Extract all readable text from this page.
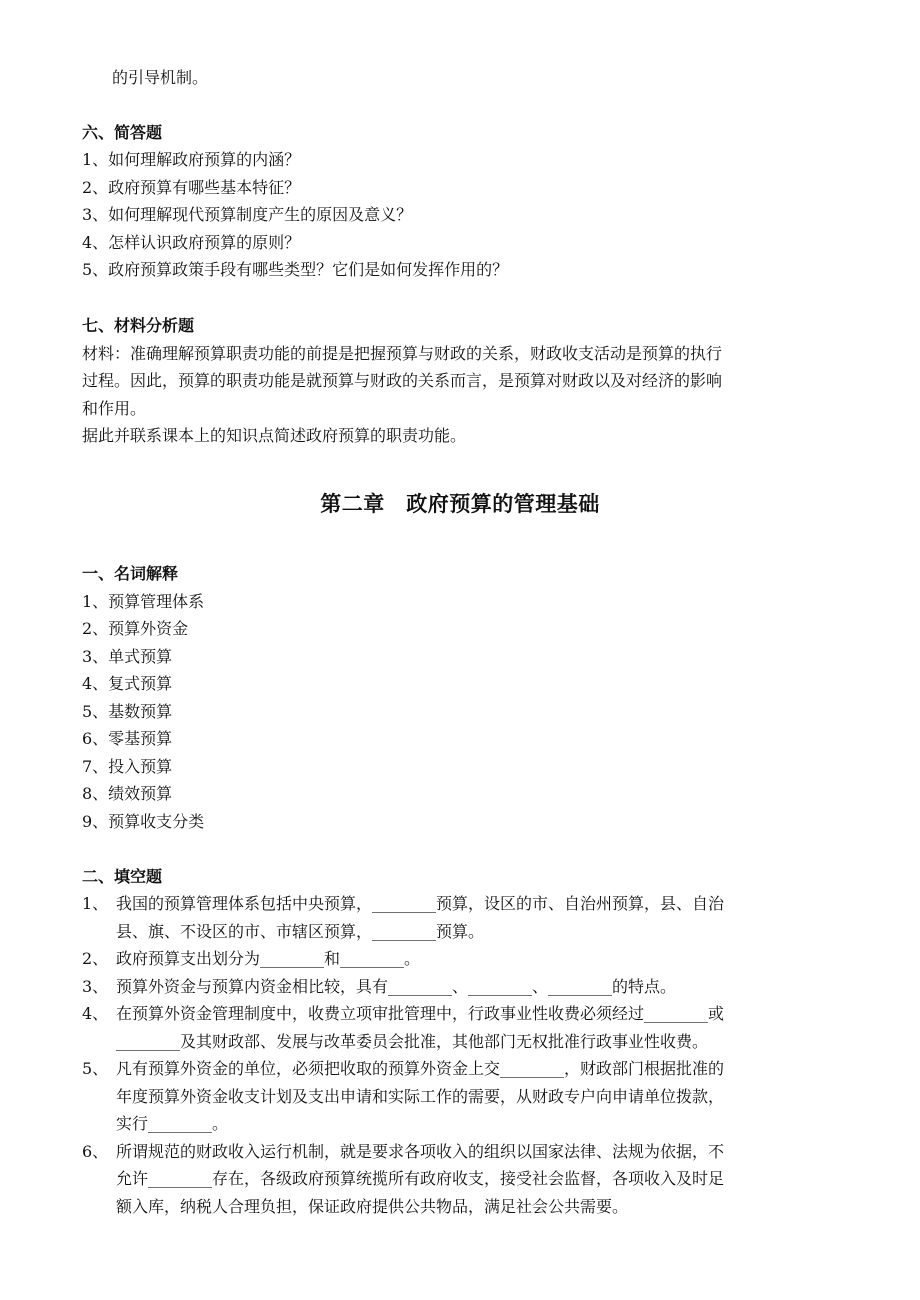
的引导机制。
六、简答题
1、如何理解政府预算的内涵？
2、政府预算有哪些基本特征？
3、如何理解现代预算制度产生的原因及意义？
4、怎样认识政府预算的原则？
5、政府预算政策手段有哪些类型？它们是如何发挥作用的？
七、材料分析题
材料：准确理解预算职责功能的前提是把握预算与财政的关系，财政收支活动是预算的执行
过程。因此，预算的职责功能是就预算与财政的关系而言，是预算对财政以及对经济的影响
和作用。
据此并联系课本上的知识点简述政府预算的职责功能。
第二章　政府预算的管理基础
一、名词解释
1、预算管理体系
2、预算外资金
3、单式预算
4、复式预算
5、基数预算
6、零基预算
7、投入预算
8、绩效预算
9、预算收支分类
二、填空题
1、 我国的预算管理体系包括中央预算，________预算，设区的市、自治州预算，县、自治
县、旗、不设区的市、市辖区预算，________预算。
2、 政府预算支出划分为________和________。
3、 预算外资金与预算内资金相比较，具有________、________、________的特点。
4、 在预算外资金管理制度中，收费立项审批管理中，行政事业性收费必须经过________或
________及其财政部、发展与改革委员会批准，其他部门无权批准行政事业性收费。
5、 凡有预算外资金的单位，必须把收取的预算外资金上交________，财政部门根据批准的
年度预算外资金收支计划及支出申请和实际工作的需要，从财政专户向申请单位拨款，
实行________。
6、 所谓规范的财政收入运行机制，就是要求各项收入的组织以国家法律、法规为依据，不
允许________存在，各级政府预算统揽所有政府收支，接受社会监督，各项收入及时足
额入库，纳税人合理负担，保证政府提供公共物品，满足社会公共需要。
